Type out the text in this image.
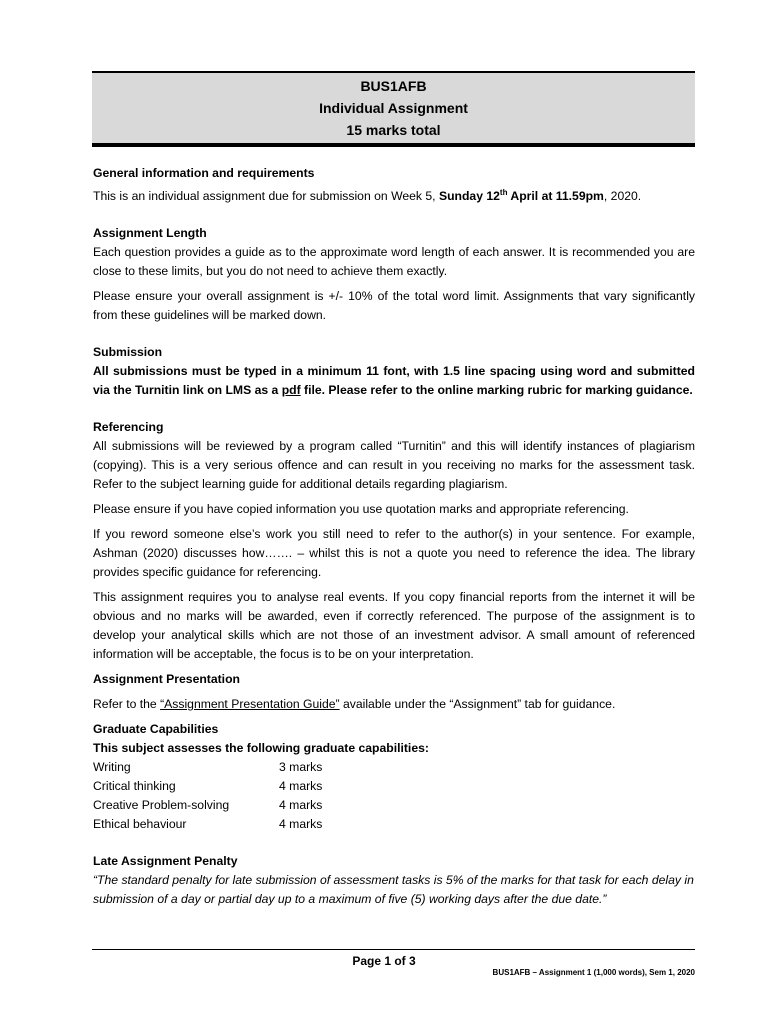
BUS1AFB
Individual Assignment
15 marks total
General information and requirements
This is an individual assignment due for submission on Week 5, Sunday 12th April at 11.59pm, 2020.
Assignment Length
Each question provides a guide as to the approximate word length of each answer. It is recommended you are close to these limits, but you do not need to achieve them exactly.
Please ensure your overall assignment is +/- 10% of the total word limit. Assignments that vary significantly from these guidelines will be marked down.
Submission
All submissions must be typed in a minimum 11 font, with 1.5 line spacing using word and submitted via the Turnitin link on LMS as a pdf file. Please refer to the online marking rubric for marking guidance.
Referencing
All submissions will be reviewed by a program called “Turnitin” and this will identify instances of plagiarism (copying). This is a very serious offence and can result in you receiving no marks for the assessment task. Refer to the subject learning guide for additional details regarding plagiarism.
Please ensure if you have copied information you use quotation marks and appropriate referencing.
If you reword someone else’s work you still need to refer to the author(s) in your sentence. For example, Ashman (2020) discusses how……. – whilst this is not a quote you need to reference the idea. The library provides specific guidance for referencing.
This assignment requires you to analyse real events. If you copy financial reports from the internet it will be obvious and no marks will be awarded, even if correctly referenced. The purpose of the assignment is to develop your analytical skills which are not those of an investment advisor. A small amount of referenced information will be acceptable, the focus is to be on your interpretation.
Assignment Presentation
Refer to the “Assignment Presentation Guide” available under the “Assignment” tab for guidance.
Graduate Capabilities
This subject assesses the following graduate capabilities:
Writing	3 marks
Critical thinking	4 marks
Creative Problem-solving	4 marks
Ethical behaviour	4 marks
Late Assignment Penalty
“The standard penalty for late submission of assessment tasks is 5% of the marks for that task for each delay in submission of a day or partial day up to a maximum of five (5) working days after the due date.”
Page 1 of 3
BUS1AFB – Assignment 1 (1,000 words), Sem 1, 2020
